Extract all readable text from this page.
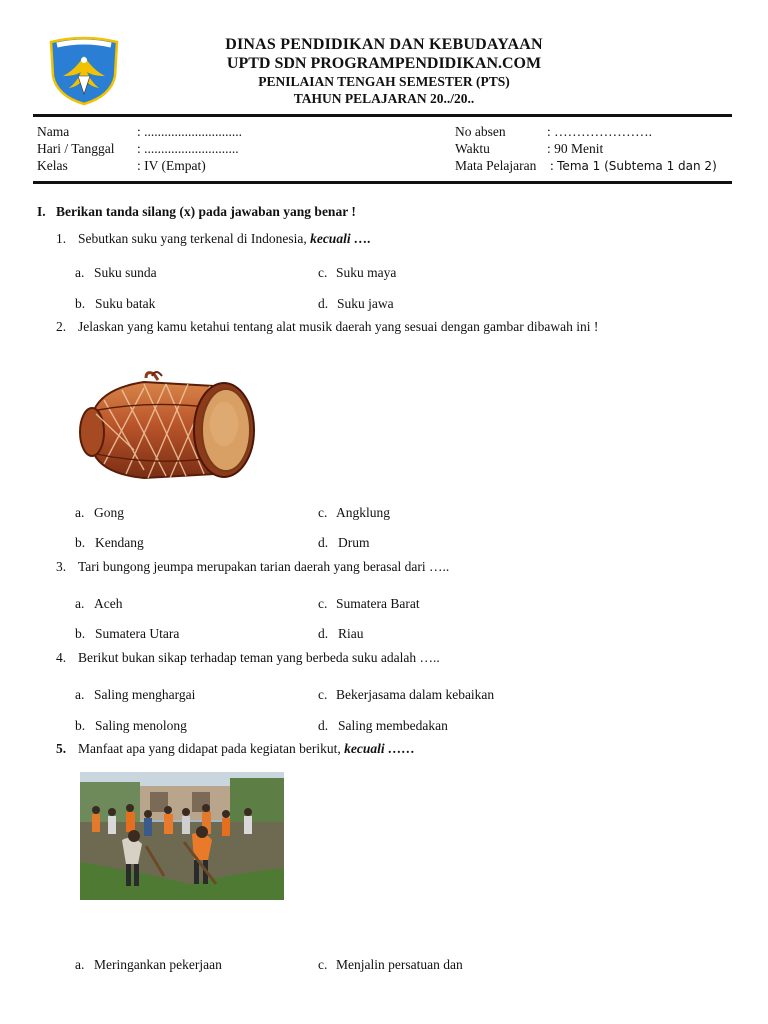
DINAS PENDIDIKAN DAN KEBUDAYAAN
UPTD SDN PROGRAMPENDIDIKAN.COM
PENILAIAN TENGAH SEMESTER (PTS)
TAHUN PELAJARAN 20../20..
Nama	: .............................
Hari / Tanggal : ............................
Kelas	: IV (Empat)
No absen	: ………………….
Waktu	: 90 Menit
Mata Pelajaran : Tema 1 (Subtema 1 dan 2)
I. Berikan tanda silang (x) pada jawaban yang benar !
1. Sebutkan suku yang terkenal di Indonesia, kecuali ….
a. Suku sunda
b. Suku batak
c. Suku maya
d. Suku jawa
2. Jelaskan yang kamu ketahui tentang alat musik daerah yang sesuai dengan gambar dibawah ini !
a. Gong
b. Kendang
c. Angklung
d. Drum
3. Tari bungong jeumpa merupakan tarian daerah yang berasal dari …..
a. Aceh
b. Sumatera Utara
c. Sumatera Barat
d. Riau
4. Berikut bukan sikap terhadap teman yang berbeda suku adalah …..
a. Saling menghargai
b. Saling menolong
c. Bekerjasama dalam kebaikan
d. Saling membedakan
5. Manfaat apa yang didapat pada kegiatan berikut, kecuali ……
a. Meringankan pekerjaan	c. Menjalin persatuan dan
